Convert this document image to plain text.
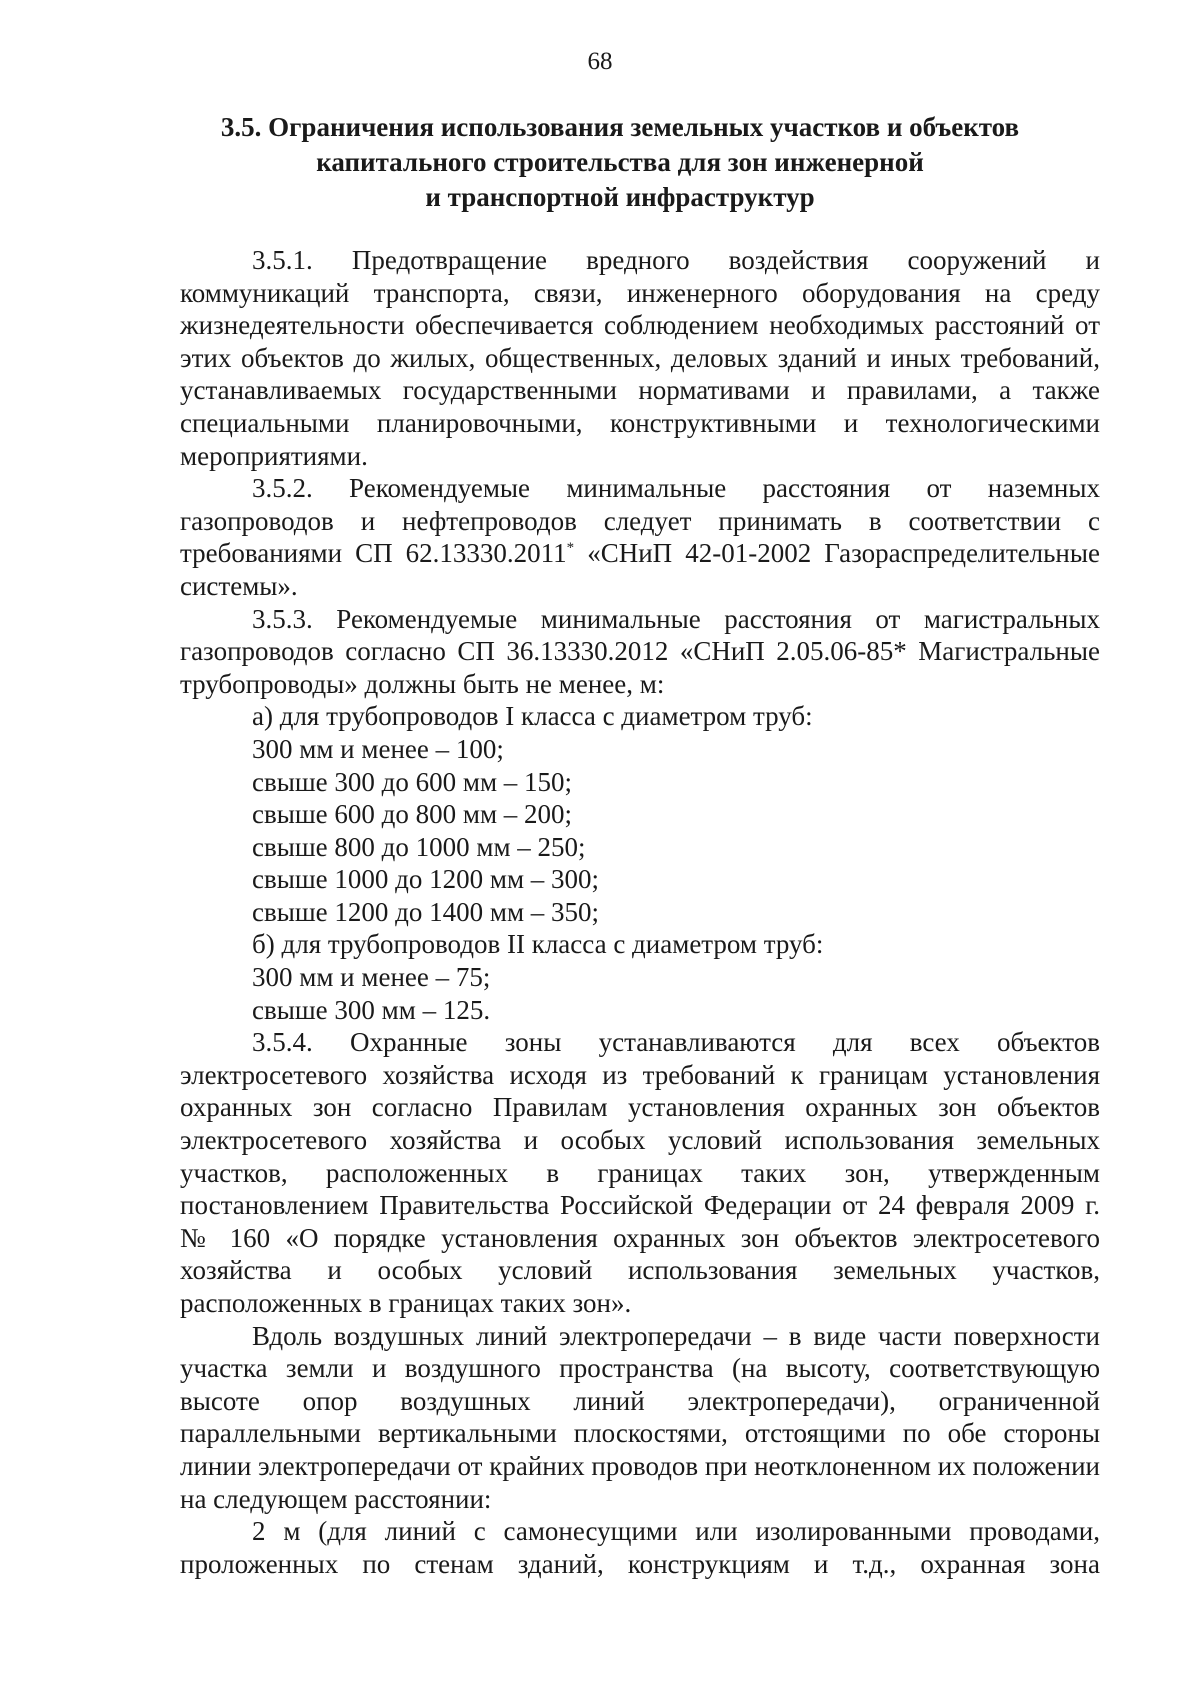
68
3.5. Ограничения использования земельных участков и объектов
капитального строительства для зон инженерной
и транспортной инфраструктур

3.5.1. Предотвращение вредного воздействия сооружений и коммуникаций транспорта, связи, инженерного оборудования на среду жизнедеятельности обеспечивается соблюдением необходимых расстояний от этих объектов до жилых, общественных, деловых зданий и иных требований, устанавливаемых государственными нормативами и правилами, а также специальными планировочными, конструктивными и технологическими мероприятиями.

3.5.2. Рекомендуемые минимальные расстояния от наземных газопроводов и нефтепроводов следует принимать в соответствии с требованиями СП 62.13330.2011* «СНиП 42-01-2002 Газораспределительные системы».

3.5.3. Рекомендуемые минимальные расстояния от магистральных газопроводов согласно СП 36.13330.2012 «СНиП 2.05.06-85* Магистральные трубопроводы» должны быть не менее, м:

а) для трубопроводов I класса с диаметром труб:

300 мм и менее – 100;

свыше 300 до 600 мм – 150;

свыше 600 до 800 мм – 200;

свыше 800 до 1000 мм – 250;

свыше 1000 до 1200 мм – 300;

свыше 1200 до 1400 мм – 350;

б) для трубопроводов II класса с диаметром труб:

300 мм и менее – 75;

свыше 300 мм – 125.

3.5.4. Охранные зоны устанавливаются для всех объектов электросетевого хозяйства исходя из требований к границам установления охранных зон согласно Правилам установления охранных зон объектов электросетевого хозяйства и особых условий использования земельных участков, расположенных в границах таких зон, утвержденным постановлением Правительства Российской Федерации от 24 февраля 2009 г. № 160 «О порядке установления охранных зон объектов электросетевого хозяйства и особых условий использования земельных участков, расположенных в границах таких зон».

Вдоль воздушных линий электропередачи – в виде части поверхности участка земли и воздушного пространства (на высоту, соответствующую высоте опор воздушных линий электропередачи), ограниченной параллельными вертикальными плоскостями, отстоящими по обе стороны линии электропередачи от крайних проводов при неотклоненном их положении на следующем расстоянии:

2 м (для линий с самонесущими или изолированными проводами, проложенных по стенам зданий, конструкциям и т.д., охранная зона
